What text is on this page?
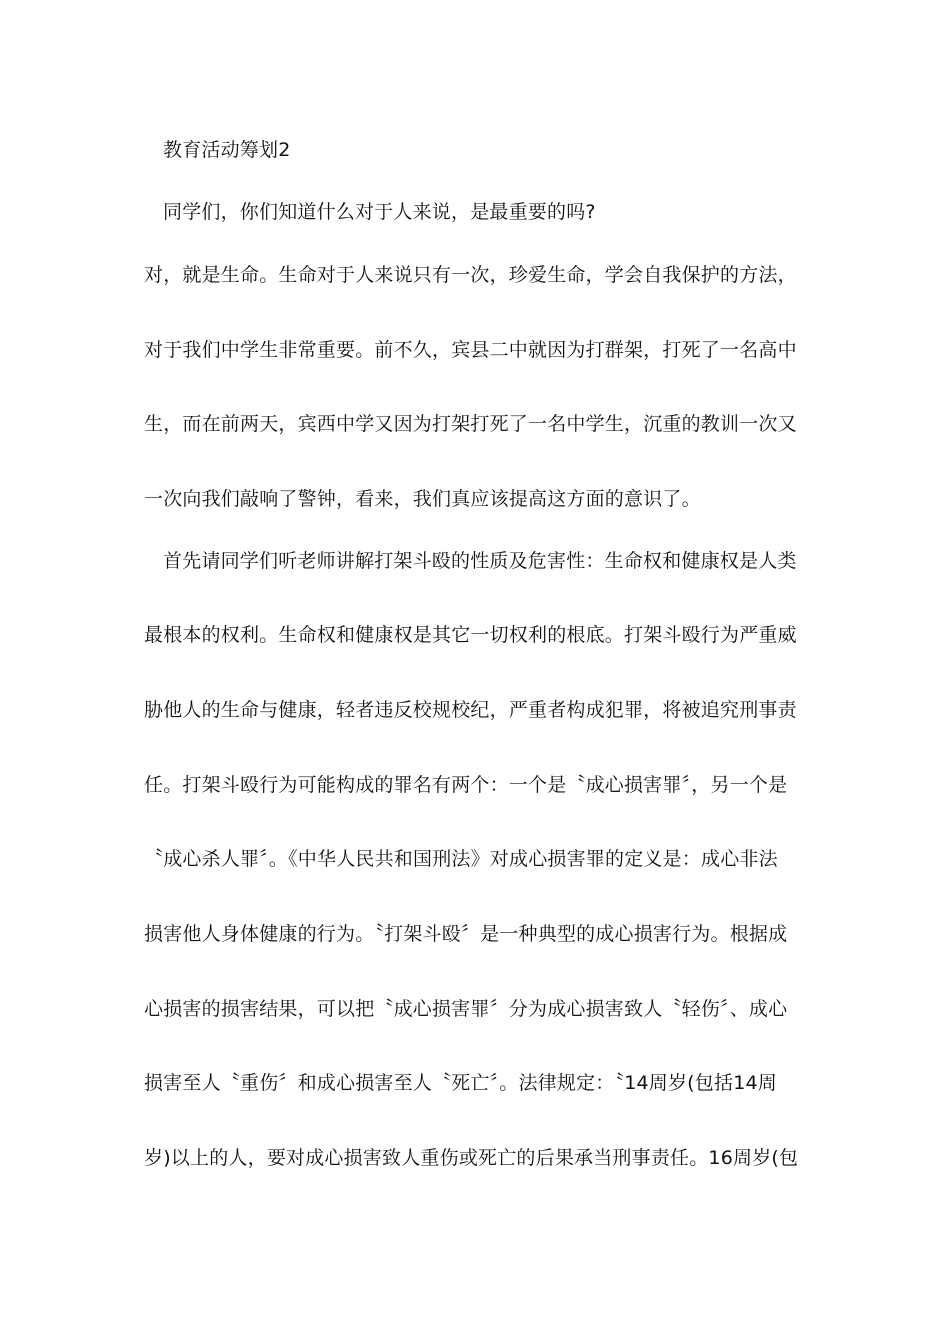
教育活动筹划2
同学们，你们知道什么对于人来说，是最重要的吗?
对，就是生命。生命对于人来说只有一次，珍爱生命，学会自我保护的方法，
对于我们中学生非常重要。前不久，宾县二中就因为打群架，打死了一名高中
生，而在前两天，宾西中学又因为打架打死了一名中学生，沉重的教训一次又
一次向我们敲响了警钟，看来，我们真应该提高这方面的意识了。
首先请同学们听老师讲解打架斗殴的性质及危害性：生命权和健康权是人类
最根本的权利。生命权和健康权是其它一切权利的根底。打架斗殴行为严重威
胁他人的生命与健康，轻者违反校规校纪，严重者构成犯罪，将被追究刑事责
任。打架斗殴行为可能构成的罪名有两个：一个是〝成心损害罪〞，另一个是
〝成心杀人罪〞。《中华人民共和国刑法》对成心损害罪的定义是：成心非法
损害他人身体健康的行为。〝打架斗殴〞是一种典型的成心损害行为。根据成
心损害的损害结果，可以把〝成心损害罪〞分为成心损害致人〝轻伤〞、成心
损害至人〝重伤〞和成心损害至人〝死亡〞。法律规定：〝14周岁(包括14周
岁)以上的人，要对成心损害致人重伤或死亡的后果承当刑事责任。16周岁(包
